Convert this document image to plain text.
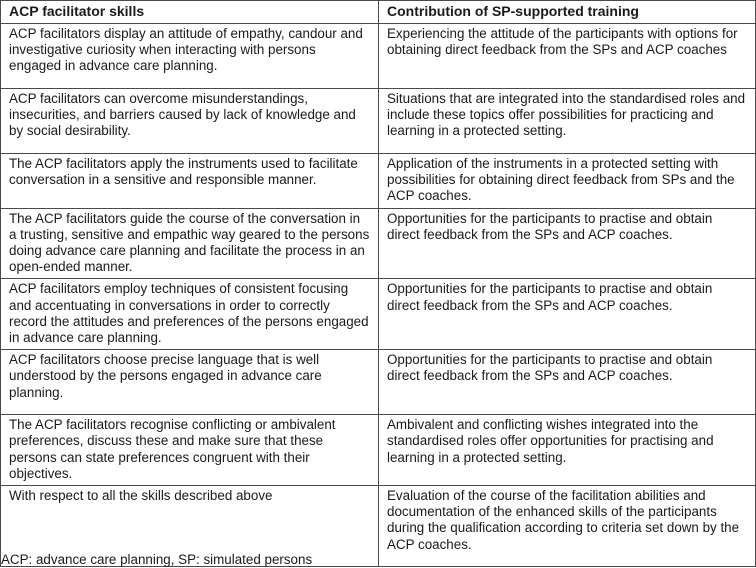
ACP facilitator skills	Contribution of SP-supported training
ACP facilitators display an attitude of empathy, candour and investigative curiosity when interacting with persons engaged in advance care planning.	Experiencing the attitude of the participants with options for obtaining direct feedback from the SPs and ACP coaches
ACP facilitators can overcome misunderstandings, insecurities, and barriers caused by lack of knowledge and by social desirability.	Situations that are integrated into the standardised roles and include these topics offer possibilities for practicing and learning in a protected setting.
The ACP facilitators apply the instruments used to facilitate conversation in a sensitive and responsible manner.	Application of the instruments in a protected setting with possibilities for obtaining direct feedback from SPs and the ACP coaches.
The ACP facilitators guide the course of the conversation in a trusting, sensitive and empathic way geared to the persons doing advance care planning and facilitate the process in an open-ended manner.	Opportunities for the participants to practise and obtain direct feedback from the SPs and ACP coaches.
ACP facilitators employ techniques of consistent focusing and accentuating in conversations in order to correctly record the attitudes and preferences of the persons engaged in advance care planning.	Opportunities for the participants to practise and obtain direct feedback from the SPs and ACP coaches.
ACP facilitators choose precise language that is well understood by the persons engaged in advance care planning.	Opportunities for the participants to practise and obtain direct feedback from the SPs and ACP coaches.
The ACP facilitators recognise conflicting or ambivalent preferences, discuss these and make sure that these persons can state preferences congruent with their objectives.	Ambivalent and conflicting wishes integrated into the standardised roles offer opportunities for practising and learning in a protected setting.
With respect to all the skills described above	Evaluation of the course of the facilitation abilities and documentation of the enhanced skills of the participants during the qualification according to criteria set down by the ACP coaches.
ACP: advance care planning, SP: simulated persons
